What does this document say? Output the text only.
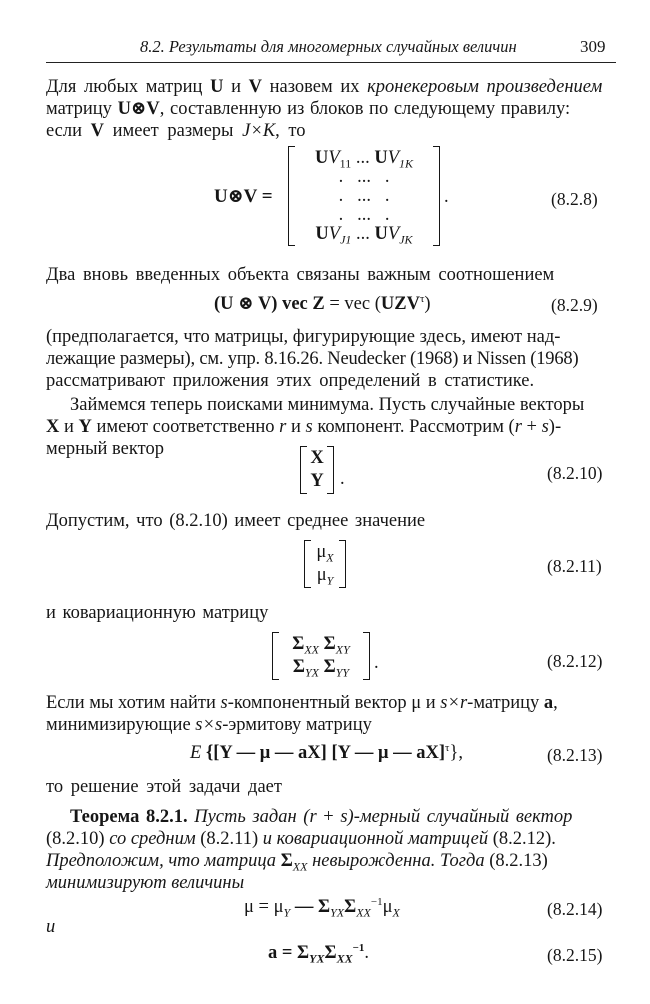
8.2. Результаты для многомерных случайных величин	309
Для любых матриц U и V назовем их кронекеровым произведением
матрицу U⊗V, составленную из блоков по следующему правилу:
если V имеет размеры J×K, то
U⊗V =
$UV_{11}$ ... $UV_{1K}$
. ... .
.   ...   .
.   ...   .
$UV_{J1}$ ... $UV_{JK}$
.	(8.2.8)
Два вновь введенных объекта связаны важным соотношением
(U ⊗ V) vec Z = vec $(UZV^\tau)$	(8.2.9)
(предполагается, что матрицы, фигурирующие здесь, имеют над-
лежащие размеры), см. упр. 8.16.26. Neudecker (1968) и Nissen (1968)
рассматривают приложения этих определений в статистике.
Займемся теперь поисками минимума. Пусть случайные векторы
X и Y имеют соответственно r и s компонент. Рассмотрим (r + s)-
мерный вектор	X
Y .	(8.2.10)
Допустим, что (8.2.10) имеет среднее значение
$\mu_X$
$\mu_Y$
(8.2.11)
и ковариационную матрицу
$\Sigma_{XX}$ $\Sigma_{XY}$
$\Sigma_{YX}$ $\Sigma_{YY}$	.	(8.2.12)
Если мы хотим найти s-компонентный вектор μ и s×r-матрицу a,
минимизирующие s×s-эрмитову матрицу
E {[Y — μ — aX] [Y — μ — aX]$^\tau$},	(8.2.13)
то решение этой задачи дает
Теорема 8.2.1. Пусть задан (r + s)-мерный случайный вектор
(8.2.10) со средним (8.2.11) и ковариационной матрицей (8.2.12).
Предположим, что матрица $\Sigma_{XX}$ невырожденна. Тогда (8.2.13)
минимизируют величины
$\mu = \mu_Y$ — $\Sigma_{YX}\Sigma_{XX}^{-1}\mu_X$	(8.2.14)
и
$a = \Sigma_{YX}\Sigma_{XX}^{-1}$.	(8.2.15)
